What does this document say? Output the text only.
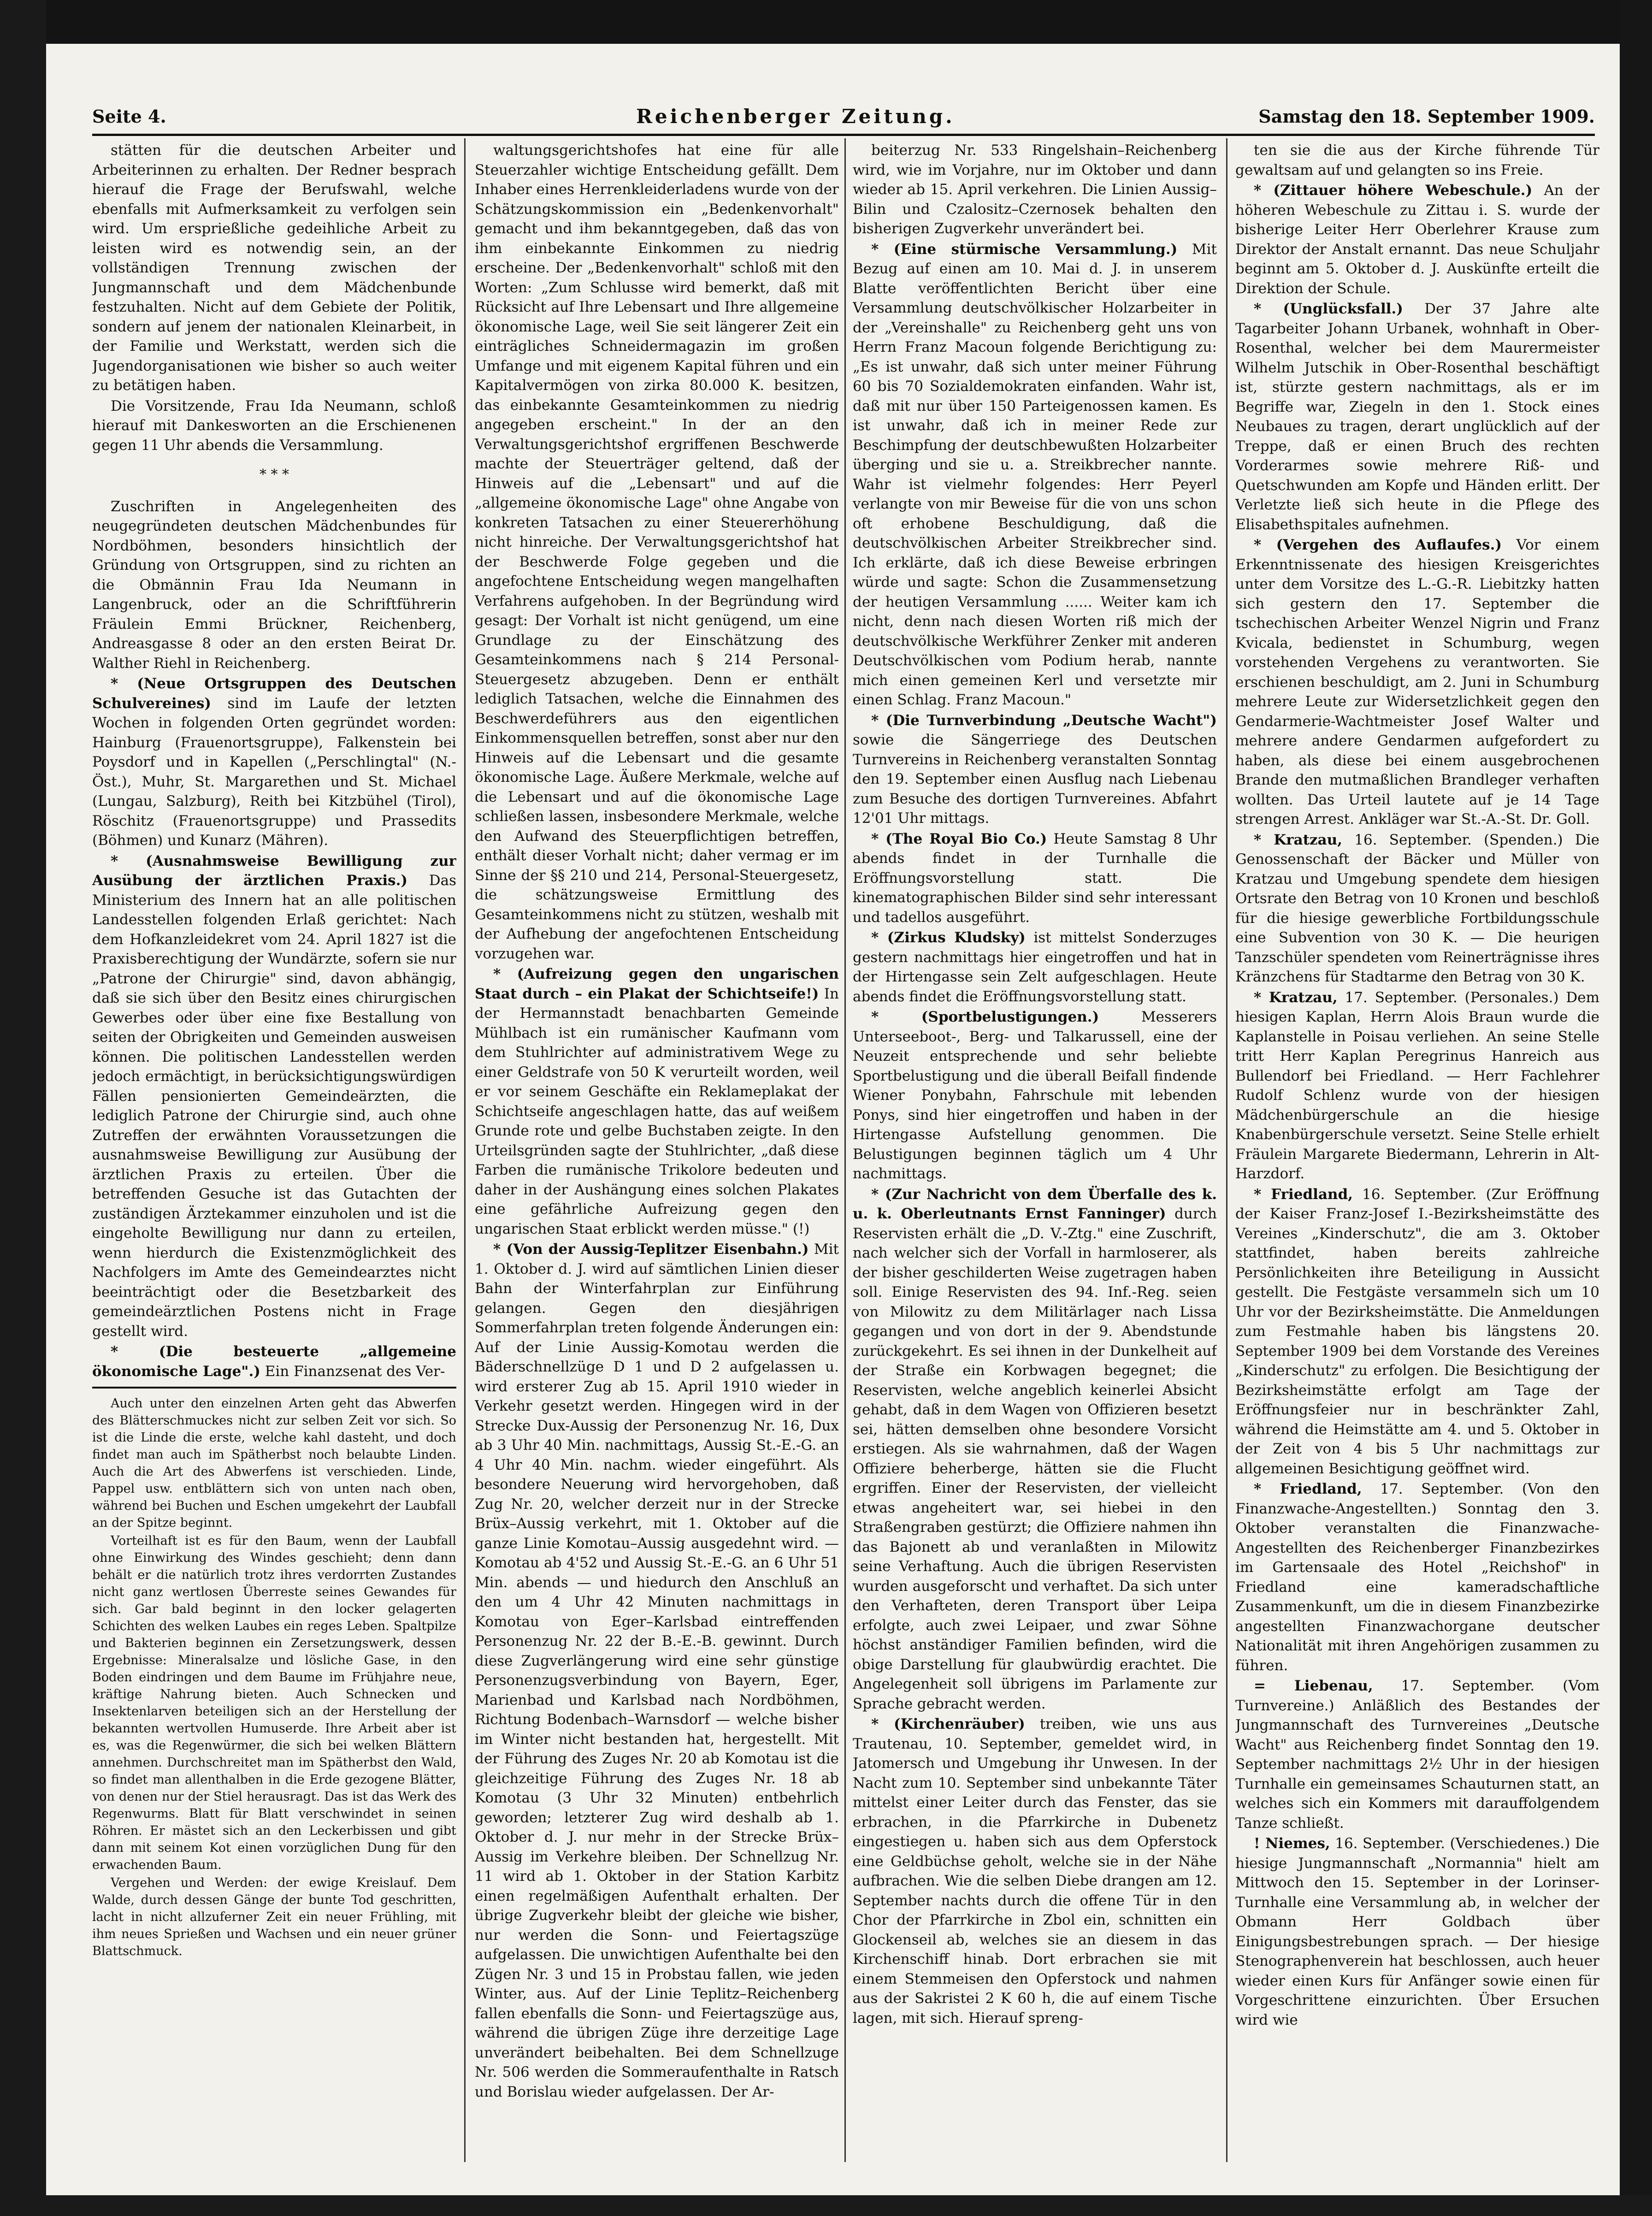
Seite 4.	Reichenberger Zeitung.	Samstag den 18. September 1909.

stätten für die deutschen Arbeiter und Arbeiterinnen zu erhalten. Der Redner besprach hierauf die Frage der Berufswahl, welche ebenfalls mit Aufmerksamkeit zu verfolgen sein wird. Um ersprießliche gedeihliche Arbeit zu leisten wird es notwendig sein, an der vollständigen Trennung zwischen der Jungmannschaft und dem Mädchenbunde festzuhalten. Nicht auf dem Gebiete der Politik, sondern auf jenem der nationalen Kleinarbeit, in der Familie und Werkstatt, werden sich die Jugendorganisationen wie bisher so auch weiter zu betätigen haben.

Die Vorsitzende, Frau Ida Neumann, schloß hierauf mit Dankesworten an die Erschienenen gegen 11 Uhr abends die Versammlung.

* * *

Zuschriften in Angelegenheiten des neugegründeten deutschen Mädchenbundes für Nordböhmen, besonders hinsichtlich der Gründung von Ortsgruppen, sind zu richten an die Obmännin Frau Ida Neumann in Langenbruck, oder an die Schriftführerin Fräulein Emmi Brückner, Reichenberg, Andreasgasse 8 oder an den ersten Beirat Dr. Walther Riehl in Reichenberg.

* (Neue Ortsgruppen des Deutschen Schulvereines) sind im Laufe der letzten Wochen in folgenden Orten gegründet worden: Hainburg (Frauenortsgruppe), Falkenstein bei Poysdorf und in Kapellen („Perschlingtal" (N.-Öst.), Muhr, St. Margarethen und St. Michael (Lungau, Salzburg), Reith bei Kitzbühel (Tirol), Röschitz (Frauenortsgruppe) und Prassedits (Böhmen) und Kunarz (Mähren).

* (Ausnahmsweise Bewilligung zur Ausübung der ärztlichen Praxis.) Das Ministerium des Innern hat an alle politischen Landesstellen folgenden Erlaß gerichtet: Nach dem Hofkanzleidekret vom 24. April 1827 ist die Praxisberechtigung der Wundärzte, sofern sie nur „Patrone der Chirurgie" sind, davon abhängig, daß sie sich über den Besitz eines chirurgischen Gewerbes oder über eine fixe Bestallung von seiten der Obrigkeiten und Gemeinden ausweisen können. Die politischen Landesstellen werden jedoch ermächtigt, in berücksichtigungswürdigen Fällen pensionierten Gemeindeärzten, die lediglich Patrone der Chirurgie sind, auch ohne Zutreffen der erwähnten Voraussetzungen die ausnahmsweise Bewilligung zur Ausübung der ärztlichen Praxis zu erteilen. Über die betreffenden Gesuche ist das Gutachten der zuständigen Ärztekammer einzuholen und ist die eingeholte Bewilligung nur dann zu erteilen, wenn hierdurch die Existenzmöglichkeit des Nachfolgers im Amte des Gemeindearztes nicht beeinträchtigt oder die Besetzbarkeit des gemeindeärztlichen Postens nicht in Frage gestellt wird.

* (Die besteuerte „allgemeine ökonomische Lage".) Ein Finanzsenat des Ver-

Auch unter den einzelnen Arten geht das Abwerfen des Blätterschmuckes nicht zur selben Zeit vor sich. So ist die Linde die erste, welche kahl dasteht, und doch findet man auch im Spätherbst noch belaubte Linden. Auch die Art des Abwerfens ist verschieden. Linde, Pappel usw. entblättern sich von unten nach oben, während bei Buchen und Eschen umgekehrt der Laubfall an der Spitze beginnt.

Vorteilhaft ist es für den Baum, wenn der Laubfall ohne Einwirkung des Windes geschieht; denn dann behält er die natürlich trotz ihres verdorrten Zustandes nicht ganz wertlosen Überreste seines Gewandes für sich. Gar bald beginnt in den locker gelagerten Schichten des welken Laubes ein reges Leben. Spaltpilze und Bakterien beginnen ein Zersetzungswerk, dessen Ergebnisse: Mineralsalze und lösliche Gase, in den Boden eindringen und dem Baume im Frühjahre neue, kräftige Nahrung bieten. Auch Schnecken und Insektenlarven beteiligen sich an der Herstellung der bekannten wertvollen Humuserde. Ihre Arbeit aber ist es, was die Regenwürmer, die sich bei welken Blättern annehmen. Durchschreitet man im Spätherbst den Wald, so findet man allenthalben in die Erde gezogene Blätter, von denen nur der Stiel herausragt. Das ist das Werk des Regenwurms. Blatt für Blatt verschwindet in seinen Röhren. Er mästet sich an den Leckerbissen und gibt dann mit seinem Kot einen vorzüglichen Dung für den erwachenden Baum.

Vergehen und Werden: der ewige Kreislauf. Dem Walde, durch dessen Gänge der bunte Tod geschritten, lacht in nicht allzuferner Zeit ein neuer Frühling, mit ihm neues Sprießen und Wachsen und ein neuer grüner Blattschmuck.

waltungsgerichtshofes hat eine für alle Steuerzahler wichtige Entscheidung gefällt. Dem Inhaber eines Herrenkleiderladens wurde von der Schätzungskommission ein „Bedenkenvorhalt" gemacht und ihm bekanntgegeben, daß das von ihm einbekannte Einkommen zu niedrig erscheine. Der „Bedenkenvorhalt" schloß mit den Worten: „Zum Schlusse wird bemerkt, daß mit Rücksicht auf Ihre Lebensart und Ihre allgemeine ökonomische Lage, weil Sie seit längerer Zeit ein einträgliches Schneidermagazin im großen Umfange und mit eigenem Kapital führen und ein Kapitalvermögen von zirka 80.000 K. besitzen, das einbekannte Gesamteinkommen zu niedrig angegeben erscheint." In der an den Verwaltungsgerichtshof ergriffenen Beschwerde machte der Steuerträger geltend, daß der Hinweis auf die „Lebensart" und auf die „allgemeine ökonomische Lage" ohne Angabe von konkreten Tatsachen zu einer Steuererhöhung nicht hinreiche. Der Verwaltungsgerichtshof hat der Beschwerde Folge gegeben und die angefochtene Entscheidung wegen mangelhaften Verfahrens aufgehoben. In der Begründung wird gesagt: Der Vorhalt ist nicht genügend, um eine Grundlage zu der Einschätzung des Gesamteinkommens nach § 214 Personal-Steuergesetz abzugeben. Denn er enthält lediglich Tatsachen, welche die Einnahmen des Beschwerdeführers aus den eigentlichen Einkommensquellen betreffen, sonst aber nur den Hinweis auf die Lebensart und die gesamte ökonomische Lage. Äußere Merkmale, welche auf die Lebensart und auf die ökonomische Lage schließen lassen, insbesondere Merkmale, welche den Aufwand des Steuerpflichtigen betreffen, enthält dieser Vorhalt nicht; daher vermag er im Sinne der §§ 210 und 214, Personal-Steuergesetz, die schätzungsweise Ermittlung des Gesamteinkommens nicht zu stützen, weshalb mit der Aufhebung der angefochtenen Entscheidung vorzugehen war.

* (Aufreizung gegen den ungarischen Staat durch – ein Plakat der Schichtseife!) In der Hermannstadt benachbarten Gemeinde Mühlbach ist ein rumänischer Kaufmann vom dem Stuhlrichter auf administrativem Wege zu einer Geldstrafe von 50 K verurteilt worden, weil er vor seinem Geschäfte ein Reklameplakat der Schichtseife angeschlagen hatte, das auf weißem Grunde rote und gelbe Buchstaben zeigte. In den Urteilsgründen sagte der Stuhlrichter, „daß diese Farben die rumänische Trikolore bedeuten und daher in der Aushängung eines solchen Plakates eine gefährliche Aufreizung gegen den ungarischen Staat erblickt werden müsse." (!)

* (Von der Aussig-Teplitzer Eisenbahn.) Mit 1. Oktober d. J. wird auf sämtlichen Linien dieser Bahn der Winterfahrplan zur Einführung gelangen. Gegen den diesjährigen Sommerfahrplan treten folgende Änderungen ein: Auf der Linie Aussig-Komotau werden die Bäderschnellzüge D 1 und D 2 aufgelassen u. wird ersterer Zug ab 15. April 1910 wieder in Verkehr gesetzt werden. Hingegen wird in der Strecke Dux-Aussig der Personenzug Nr. 16, Dux ab 3 Uhr 40 Min. nachmittags, Aussig St.-E.-G. an 4 Uhr 40 Min. nachm. wieder eingeführt. Als besondere Neuerung wird hervorgehoben, daß Zug Nr. 20, welcher derzeit nur in der Strecke Brüx–Aussig verkehrt, mit 1. Oktober auf die ganze Linie Komotau–Aussig ausgedehnt wird. — Komotau ab 4'52 und Aussig St.-E.-G. an 6 Uhr 51 Min. abends — und hiedurch den Anschluß an den um 4 Uhr 42 Minuten nachmittags in Komotau von Eger–Karlsbad eintreffenden Personenzug Nr. 22 der B.-E.-B. gewinnt. Durch diese Zugverlängerung wird eine sehr günstige Personenzugsverbindung von Bayern, Eger, Marienbad und Karlsbad nach Nordböhmen, Richtung Bodenbach–Warnsdorf — welche bisher im Winter nicht bestanden hat, hergestellt. Mit der Führung des Zuges Nr. 20 ab Komotau ist die gleichzeitige Führung des Zuges Nr. 18 ab Komotau (3 Uhr 32 Minuten) entbehrlich geworden; letzterer Zug wird deshalb ab 1. Oktober d. J. nur mehr in der Strecke Brüx–Aussig im Verkehre bleiben. Der Schnellzug Nr. 11 wird ab 1. Oktober in der Station Karbitz einen regelmäßigen Aufenthalt erhalten. Der übrige Zugverkehr bleibt der gleiche wie bisher, nur werden die Sonn- und Feiertagszüge aufgelassen. Die unwichtigen Aufenthalte bei den Zügen Nr. 3 und 15 in Probstau fallen, wie jeden Winter, aus. Auf der Linie Teplitz–Reichenberg fallen ebenfalls die Sonn- und Feiertagszüge aus, während die übrigen Züge ihre derzeitige Lage unverändert beibehalten. Bei dem Schnellzuge Nr. 506 werden die Sommeraufenthalte in Ratsch und Borislau wieder aufgelassen. Der Ar-

beiterzug Nr. 533 Ringelshain–Reichenberg wird, wie im Vorjahre, nur im Oktober und dann wieder ab 15. April verkehren. Die Linien Aussig–Bilin und Czalositz–Czernosek behalten den bisherigen Zugverkehr unverändert bei.

* (Eine stürmische Versammlung.) Mit Bezug auf einen am 10. Mai d. J. in unserem Blatte veröffentlichten Bericht über eine Versammlung deutschvölkischer Holzarbeiter in der „Vereinshalle" zu Reichenberg geht uns von Herrn Franz Macoun folgende Berichtigung zu: „Es ist unwahr, daß sich unter meiner Führung 60 bis 70 Sozialdemokraten einfanden. Wahr ist, daß mit nur über 150 Parteigenossen kamen. Es ist unwahr, daß ich in meiner Rede zur Beschimpfung der deutschbewußten Holzarbeiter überging und sie u. a. Streikbrecher nannte. Wahr ist vielmehr folgendes: Herr Peyerl verlangte von mir Beweise für die von uns schon oft erhobene Beschuldigung, daß die deutschvölkischen Arbeiter Streikbrecher sind. Ich erklärte, daß ich diese Beweise erbringen würde und sagte: Schon die Zusammensetzung der heutigen Versammlung ...... Weiter kam ich nicht, denn nach diesen Worten riß mich der deutschvölkische Werkführer Zenker mit anderen Deutschvölkischen vom Podium herab, nannte mich einen gemeinen Kerl und versetzte mir einen Schlag. Franz Macoun."

* (Die Turnverbindung „Deutsche Wacht") sowie die Sängerriege des Deutschen Turnvereins in Reichenberg veranstalten Sonntag den 19. September einen Ausflug nach Liebenau zum Besuche des dortigen Turnvereines. Abfahrt 12'01 Uhr mittags.

* (The Royal Bio Co.) Heute Samstag 8 Uhr abends findet in der Turnhalle die Eröffnungsvorstellung statt. Die kinematographischen Bilder sind sehr interessant und tadellos ausgeführt.

* (Zirkus Kludsky) ist mittelst Sonderzuges gestern nachmittags hier eingetroffen und hat in der Hirtengasse sein Zelt aufgeschlagen. Heute abends findet die Eröffnungsvorstellung statt.

* (Sportbelustigungen.) Messerers Unterseeboot-, Berg- und Talkarussell, eine der Neuzeit entsprechende und sehr beliebte Sportbelustigung und die überall Beifall findende Wiener Ponybahn, Fahrschule mit lebenden Ponys, sind hier eingetroffen und haben in der Hirtengasse Aufstellung genommen. Die Belustigungen beginnen täglich um 4 Uhr nachmittags.

* (Zur Nachricht von dem Überfalle des k. u. k. Oberleutnants Ernst Fanninger) durch Reservisten erhält die „D. V.-Ztg." eine Zuschrift, nach welcher sich der Vorfall in harmloserer, als der bisher geschilderten Weise zugetragen haben soll. Einige Reservisten des 94. Inf.-Reg. seien von Milowitz zu dem Militärlager nach Lissa gegangen und von dort in der 9. Abendstunde zurückgekehrt. Es sei ihnen in der Dunkelheit auf der Straße ein Korbwagen begegnet; die Reservisten, welche angeblich keinerlei Absicht gehabt, daß in dem Wagen von Offizieren besetzt sei, hätten demselben ohne besondere Vorsicht erstiegen. Als sie wahrnahmen, daß der Wagen Offiziere beherberge, hätten sie die Flucht ergriffen. Einer der Reservisten, der vielleicht etwas angeheitert war, sei hiebei in den Straßengraben gestürzt; die Offiziere nahmen ihn das Bajonett ab und veranlaßten in Milowitz seine Verhaftung. Auch die übrigen Reservisten wurden ausgeforscht und verhaftet. Da sich unter den Verhafteten, deren Transport über Leipa erfolgte, auch zwei Leipaer, und zwar Söhne höchst anständiger Familien befinden, wird die obige Darstellung für glaubwürdig erachtet. Die Angelegenheit soll übrigens im Parlamente zur Sprache gebracht werden.

* (Kirchenräuber) treiben, wie uns aus Trautenau, 10. September, gemeldet wird, in Jatomersch und Umgebung ihr Unwesen. In der Nacht zum 10. September sind unbekannte Täter mittelst einer Leiter durch das Fenster, das sie erbrachen, in die Pfarrkirche in Dubenetz eingestiegen u. haben sich aus dem Opferstock eine Geldbüchse geholt, welche sie in der Nähe aufbrachen. Wie die selben Diebe drangen am 12. September nachts durch die offene Tür in den Chor der Pfarrkirche in Zbol ein, schnitten ein Glockenseil ab, welches sie an diesem in das Kirchenschiff hinab. Dort erbrachen sie mit einem Stemmeisen den Opferstock und nahmen aus der Sakristei 2 K 60 h, die auf einem Tische lagen, mit sich. Hierauf spreng-

ten sie die aus der Kirche führende Tür gewaltsam auf und gelangten so ins Freie.

* (Zittauer höhere Webeschule.) An der höheren Webeschule zu Zittau i. S. wurde der bisherige Leiter Herr Oberlehrer Krause zum Direktor der Anstalt ernannt. Das neue Schuljahr beginnt am 5. Oktober d. J. Auskünfte erteilt die Direktion der Schule.

* (Unglücksfall.) Der 37 Jahre alte Tagarbeiter Johann Urbanek, wohnhaft in Ober-Rosenthal, welcher bei dem Maurermeister Wilhelm Jutschik in Ober-Rosenthal beschäftigt ist, stürzte gestern nachmittags, als er im Begriffe war, Ziegeln in den 1. Stock eines Neubaues zu tragen, derart unglücklich auf der Treppe, daß er einen Bruch des rechten Vorderarmes sowie mehrere Riß- und Quetschwunden am Kopfe und Händen erlitt. Der Verletzte ließ sich heute in die Pflege des Elisabethspitales aufnehmen.

* (Vergehen des Auflaufes.) Vor einem Erkenntnissenate des hiesigen Kreisgerichtes unter dem Vorsitze des L.-G.-R. Liebitzky hatten sich gestern den 17. September die tschechischen Arbeiter Wenzel Nigrin und Franz Kvicala, bedienstet in Schumburg, wegen vorstehenden Vergehens zu verantworten. Sie erschienen beschuldigt, am 2. Juni in Schumburg mehrere Leute zur Widersetzlichkeit gegen den Gendarmerie-Wachtmeister Josef Walter und mehrere andere Gendarmen aufgefordert zu haben, als diese bei einem ausgebrochenen Brande den mutmaßlichen Brandleger verhaften wollten. Das Urteil lautete auf je 14 Tage strengen Arrest. Ankläger war St.-A.-St. Dr. Goll.

* Kratzau, 16. September. (Spenden.) Die Genossenschaft der Bäcker und Müller von Kratzau und Umgebung spendete dem hiesigen Ortsrate den Betrag von 10 Kronen und beschloß für die hiesige gewerbliche Fortbildungsschule eine Subvention von 30 K. — Die heurigen Tanzschüler spendeten vom Reinerträgnisse ihres Kränzchens für Stadtarme den Betrag von 30 K.

* Kratzau, 17. September. (Personales.) Dem hiesigen Kaplan, Herrn Alois Braun wurde die Kaplanstelle in Poisau verliehen. An seine Stelle tritt Herr Kaplan Peregrinus Hanreich aus Bullendorf bei Friedland. — Herr Fachlehrer Rudolf Schlenz wurde von der hiesigen Mädchenbürgerschule an die hiesige Knabenbürgerschule versetzt. Seine Stelle erhielt Fräulein Margarete Biedermann, Lehrerin in Alt-Harzdorf.

* Friedland, 16. September. (Zur Eröffnung der Kaiser Franz-Josef I.-Bezirksheimstätte des Vereines „Kinderschutz", die am 3. Oktober stattfindet, haben bereits zahlreiche Persönlichkeiten ihre Beteiligung in Aussicht gestellt. Die Festgäste versammeln sich um 10 Uhr vor der Bezirksheimstätte. Die Anmeldungen zum Festmahle haben bis längstens 20. September 1909 bei dem Vorstande des Vereines „Kinderschutz" zu erfolgen. Die Besichtigung der Bezirksheimstätte erfolgt am Tage der Eröffnungsfeier nur in beschränkter Zahl, während die Heimstätte am 4. und 5. Oktober in der Zeit von 4 bis 5 Uhr nachmittags zur allgemeinen Besichtigung geöffnet wird.

* Friedland, 17. September. (Von den Finanzwache-Angestellten.) Sonntag den 3. Oktober veranstalten die Finanzwache-Angestellten des Reichenberger Finanzbezirkes im Gartensaale des Hotel „Reichshof" in Friedland eine kameradschaftliche Zusammenkunft, um die in diesem Finanzbezirke angestellten Finanzwachorgane deutscher Nationalität mit ihren Angehörigen zusammen zu führen.

= Liebenau, 17. September. (Vom Turnvereine.) Anläßlich des Bestandes der Jungmannschaft des Turnvereines „Deutsche Wacht" aus Reichenberg findet Sonntag den 19. September nachmittags 2½ Uhr in der hiesigen Turnhalle ein gemeinsames Schauturnen statt, an welches sich ein Kommers mit darauffolgendem Tanze schließt.

! Niemes, 16. September. (Verschiedenes.) Die hiesige Jungmannschaft „Normannia" hielt am Mittwoch den 15. September in der Lorinser-Turnhalle eine Versammlung ab, in welcher der Obmann Herr Goldbach über Einigungsbestrebungen sprach. — Der hiesige Stenographenverein hat beschlossen, auch heuer wieder einen Kurs für Anfänger sowie einen für Vorgeschrittene einzurichten. Über Ersuchen wird wie
